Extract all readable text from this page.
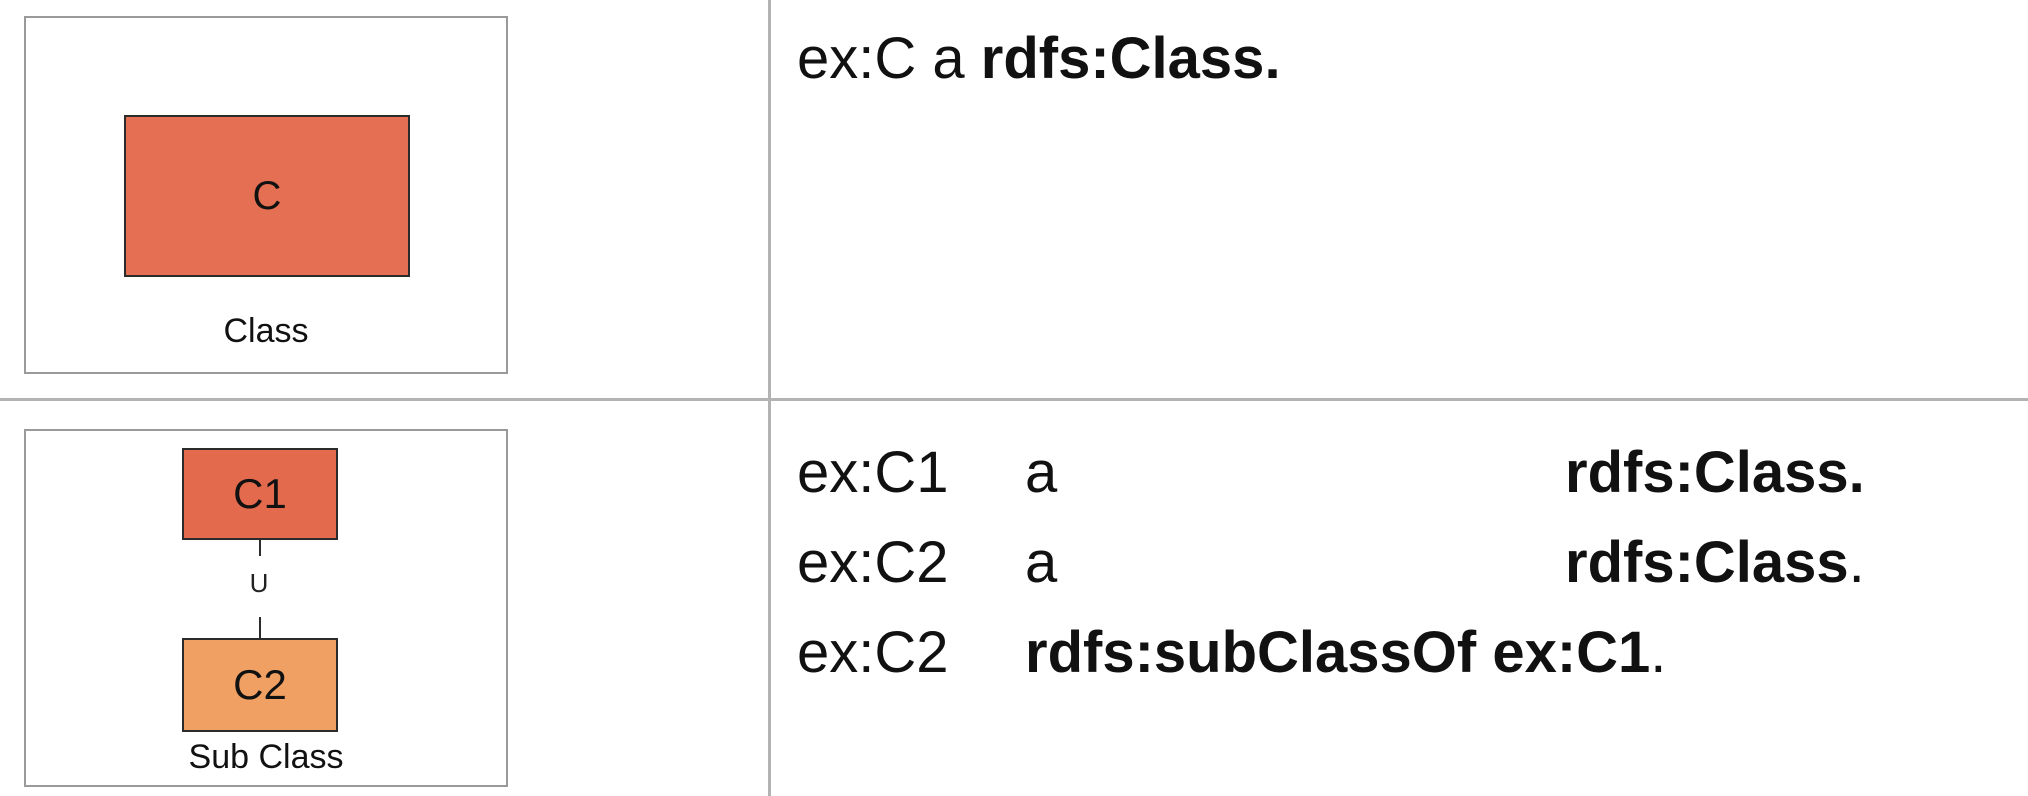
C
Class
ex:C a rdfs:Class.
C1
U
C2
Sub Class
ex:C1 a	rdfs:Class.
ex:C2 a	rdfs:Class.
ex:C2 rdfs:subClassOf ex:C1.
